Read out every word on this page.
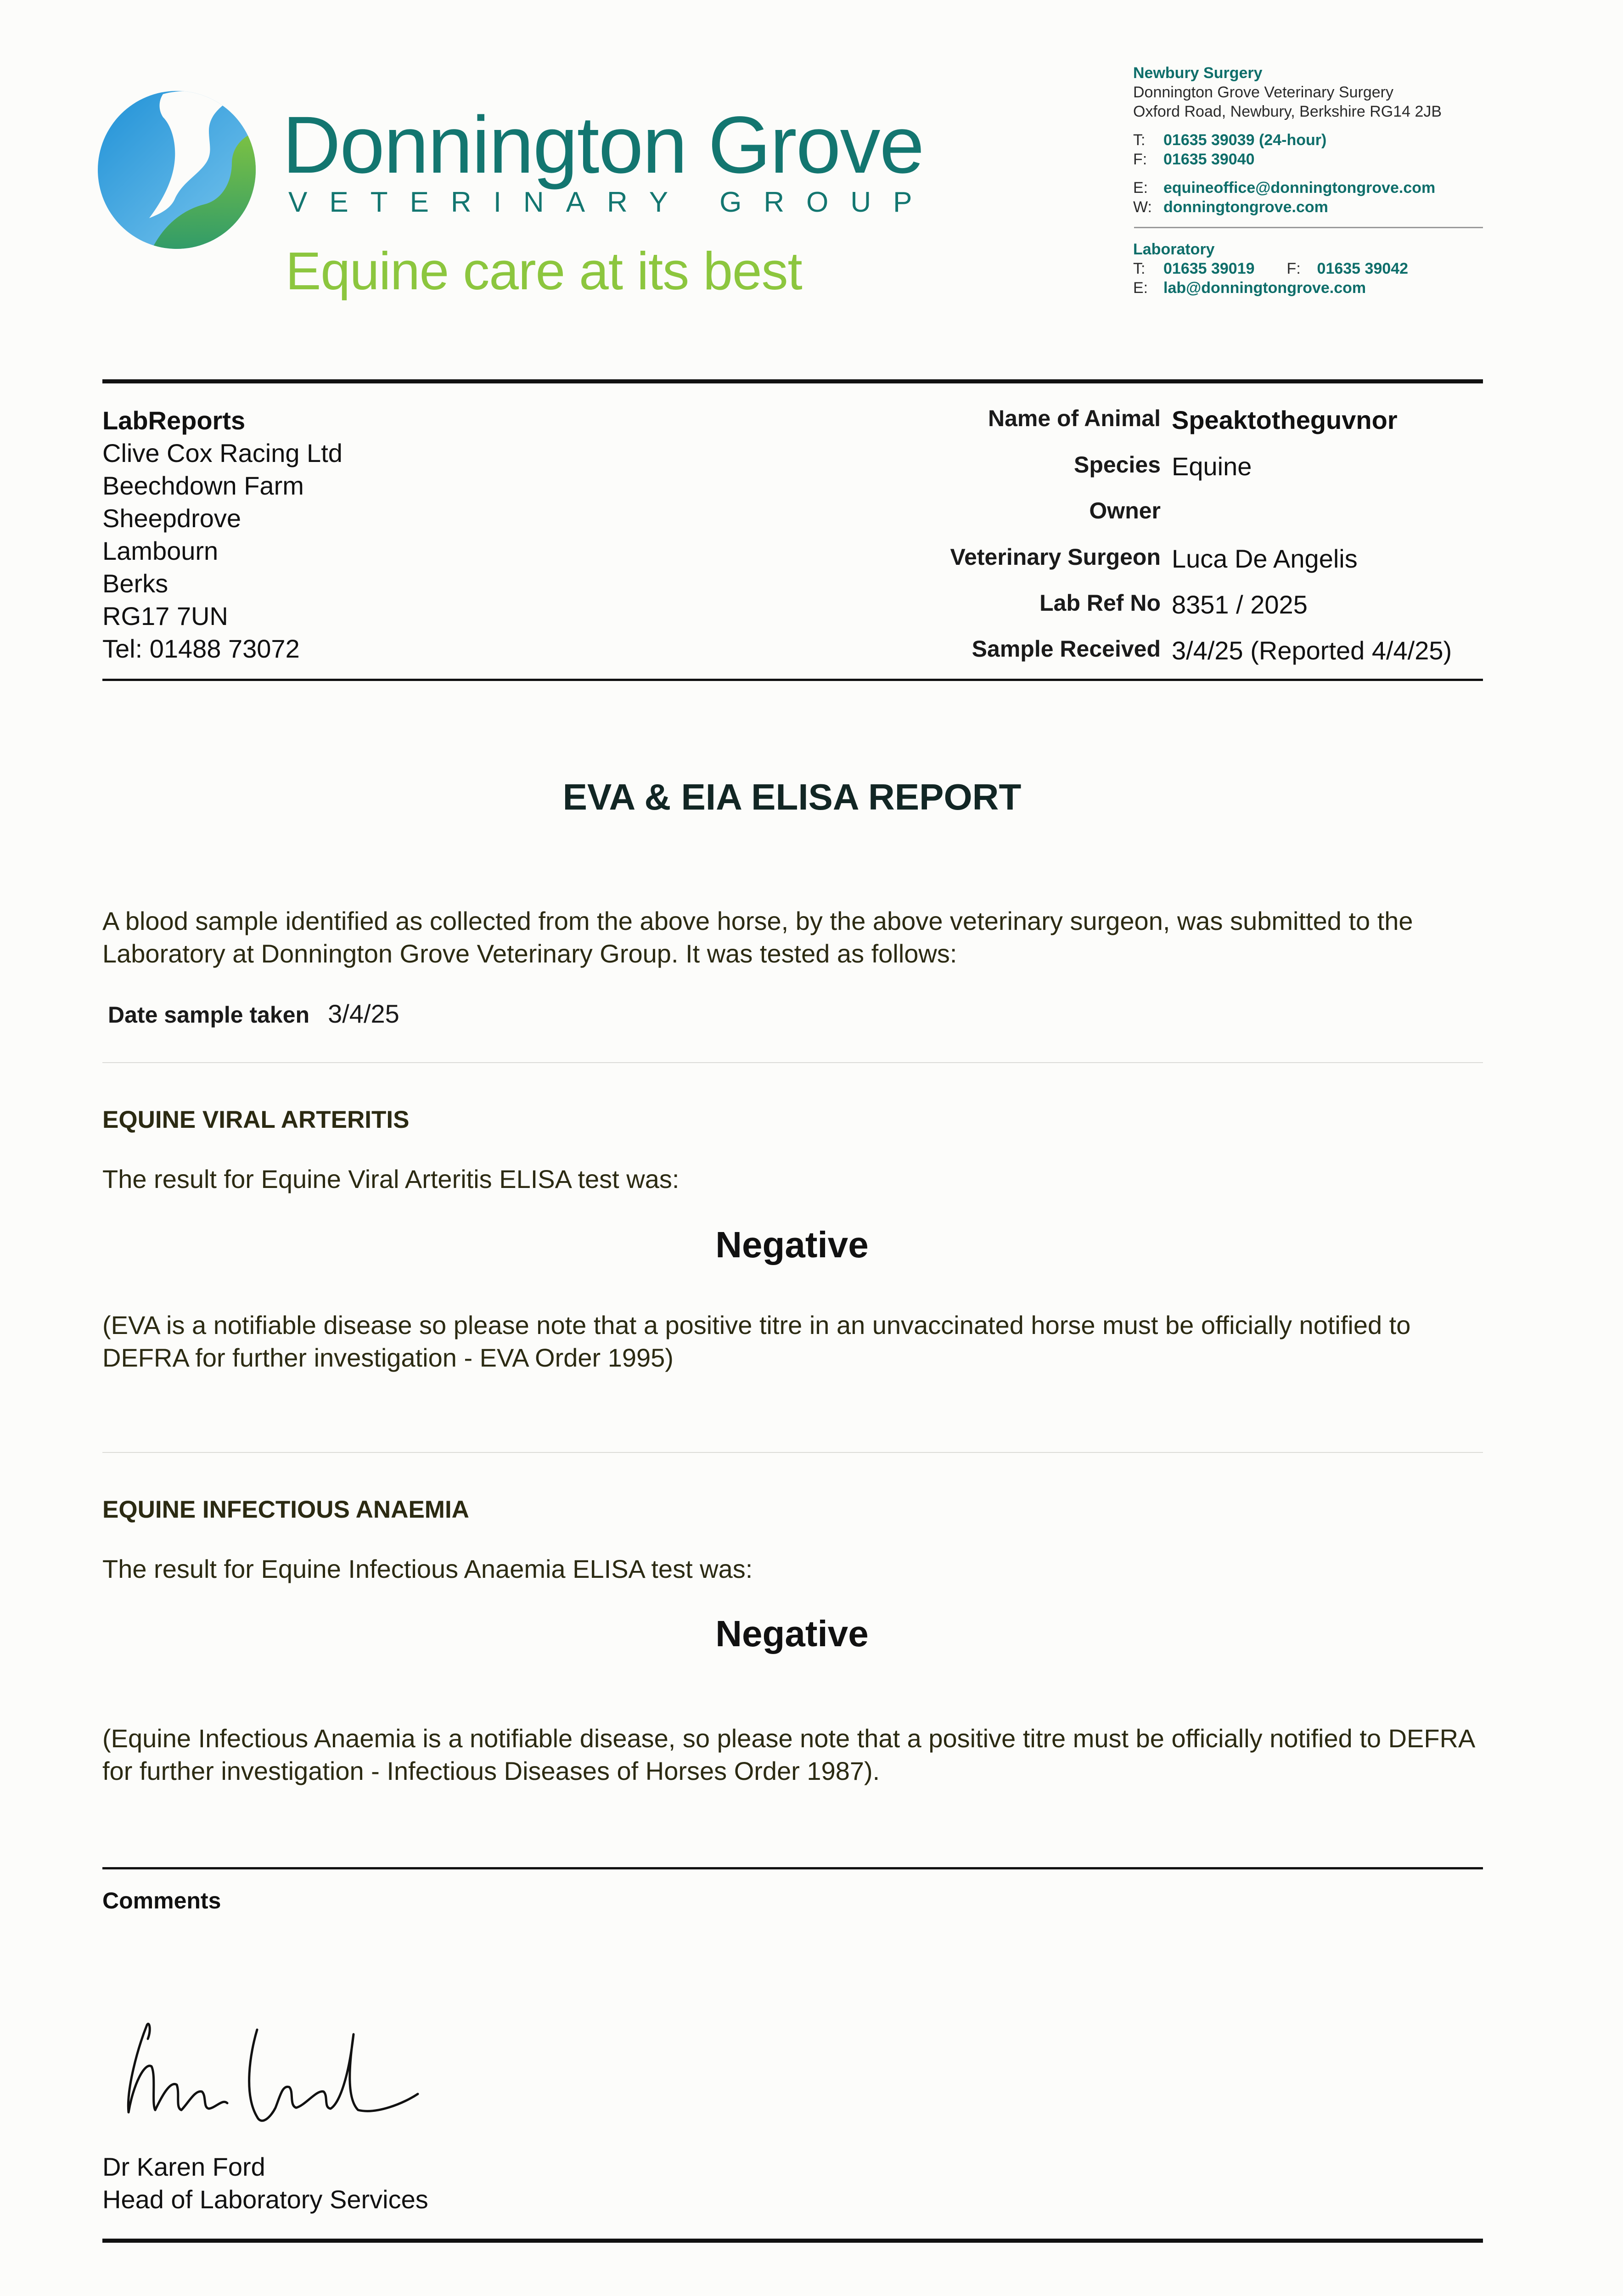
Donnington Grove
VETERINARY GROUP
Equine care at its best
Newbury Surgery
Donnington Grove Veterinary Surgery
Oxford Road, Newbury, Berkshire RG14 2JB
T: 01635 39039 (24-hour)
F: 01635 39040
E: equineoffice@donningtongrove.com
W: donningtongrove.com
Laboratory
T: 01635 39019 F: 01635 39042
E: lab@donningtongrove.com
LabReports
Clive Cox Racing Ltd
Beechdown Farm
Sheepdrove
Lambourn
Berks
RG17 7UN
Tel: 01488 73072
Name of Animal Speaktotheguvnor
Species Equine
Owner
Veterinary Surgeon Luca De Angelis
Lab Ref No 8351 / 2025
Sample Received 3/4/25 (Reported 4/4/25)
EVA & EIA ELISA REPORT
A blood sample identified as collected from the above horse, by the above veterinary surgeon, was submitted to the Laboratory at Donnington Grove Veterinary Group. It was tested as follows:
Date sample taken 3/4/25
EQUINE VIRAL ARTERITIS
The result for Equine Viral Arteritis ELISA test was:
Negative
(EVA is a notifiable disease so please note that a positive titre in an unvaccinated horse must be officially notified to DEFRA for further investigation - EVA Order 1995)
EQUINE INFECTIOUS ANAEMIA
The result for Equine Infectious Anaemia ELISA test was:
Negative
(Equine Infectious Anaemia is a notifiable disease, so please note that a positive titre must be officially notified to DEFRA for further investigation - Infectious Diseases of Horses Order 1987).
Comments
Dr Karen Ford
Head of Laboratory Services
